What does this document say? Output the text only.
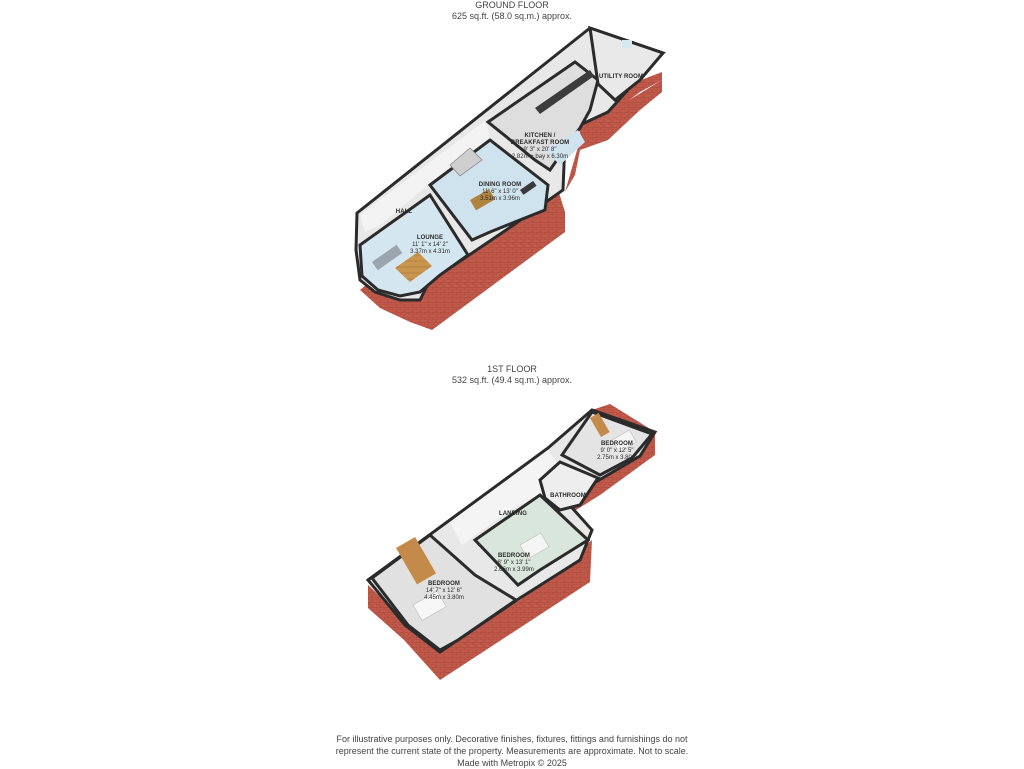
GROUND FLOOR
625 sq.ft. (58.0 sq.m.) approx.
1ST FLOOR
532 sq.ft. (49.4 sq.m.) approx.
HALL
LOUNGE
11' 1" x 14' 2"
3.37m x 4.31m
DINING ROOM
11' 6" x 13' 0"
3.51m x 3.96m
KITCHEN /
BREAKFAST ROOM
9' 3" x 20' 8"
2.82m + bay x 6.30m
UTILITY ROOM
BEDROOM
9' 0" x 12' 5"
2.75m x 3.80m
BATHROOM
LANDING
BEDROOM
8' 9" x 13' 1"
2.66m x 3.99m
BEDROOM
14' 7" x 12' 6"
4.45m x 3.80m
For illustrative purposes only. Decorative finishes, fixtures, fittings and furnishings do not
represent the current state of the property. Measurements are approximate. Not to scale.
Made with Metropix © 2025
